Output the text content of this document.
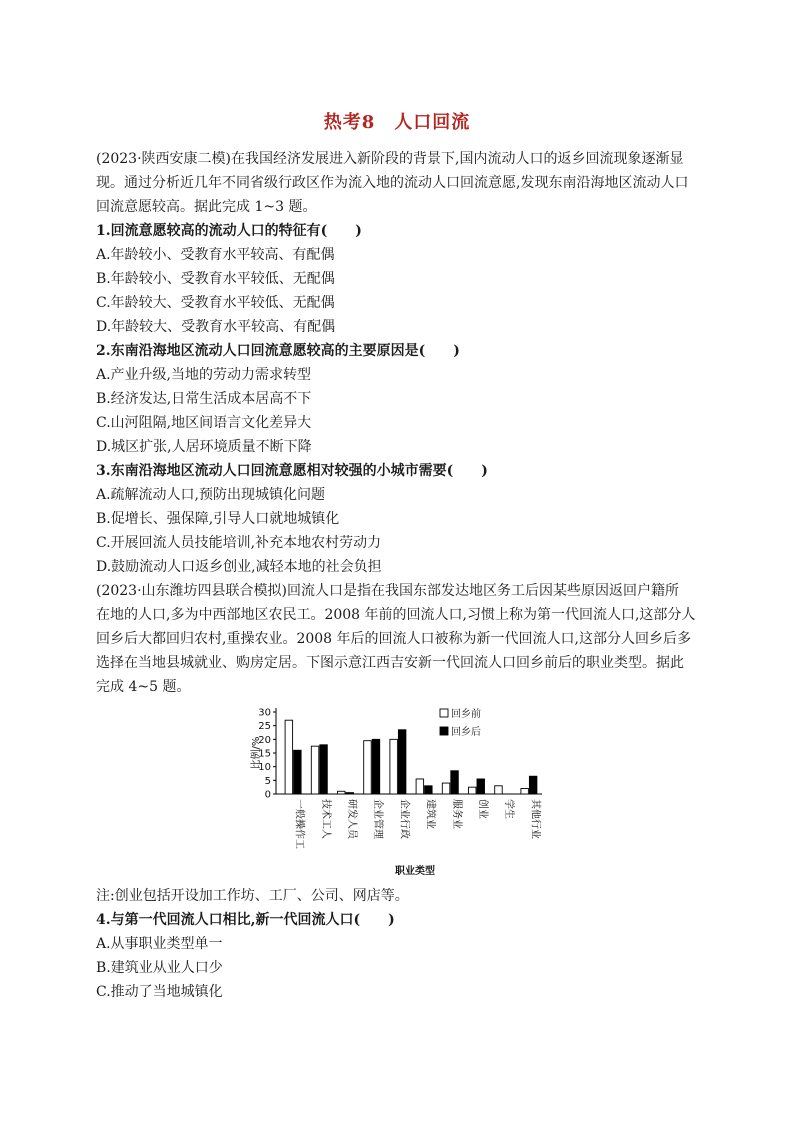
热考8　人口回流
(2023·陕西安康二模)在我国经济发展进入新阶段的背景下,国内流动人口的返乡回流现象逐渐显
现。通过分析近几年不同省级行政区作为流入地的流动人口回流意愿,发现东南沿海地区流动人口
回流意愿较高。据此完成 1~3 题。
1.回流意愿较高的流动人口的特征有(　　)
A.年龄较小、受教育水平较高、有配偶
B.年龄较小、受教育水平较低、无配偶
C.年龄较大、受教育水平较低、无配偶
D.年龄较大、受教育水平较高、有配偶
2.东南沿海地区流动人口回流意愿较高的主要原因是(　　)
A.产业升级,当地的劳动力需求转型
B.经济发达,日常生活成本居高不下
C.山河阻隔,地区间语言文化差异大
D.城区扩张,人居环境质量不断下降
3.东南沿海地区流动人口回流意愿相对较强的小城市需要(　　)
A.疏解流动人口,预防出现城镇化问题
B.促增长、强保障,引导人口就地城镇化
C.开展回流人员技能培训,补充本地农村劳动力
D.鼓励流动人口返乡创业,减轻本地的社会负担
(2023·山东潍坊四县联合模拟)回流人口是指在我国东部发达地区务工后因某些原因返回户籍所
在地的人口,多为中西部地区农民工。2008 年前的回流人口,习惯上称为第一代回流人口,这部分人
回乡后大都回归农村,重操农业。2008 年后的回流人口被称为新一代回流人口,这部分人回乡后多
选择在当地县城就业、购房定居。下图示意江西吉安新一代回流人口回乡前后的职业类型。据此
完成 4~5 题。
0
5
10
15
20
25
30
比例/%
一般操作工 技术工人 研发人员 企业管理 企业行政 建筑业 服务业 创业 学生 其他行业
职业类型
回乡前
回乡后
注:创业包括开设加工作坊、工厂、公司、网店等。
4.与第一代回流人口相比,新一代回流人口(　　)
A.从事职业类型单一
B.建筑业从业人口少
C.推动了当地城镇化
